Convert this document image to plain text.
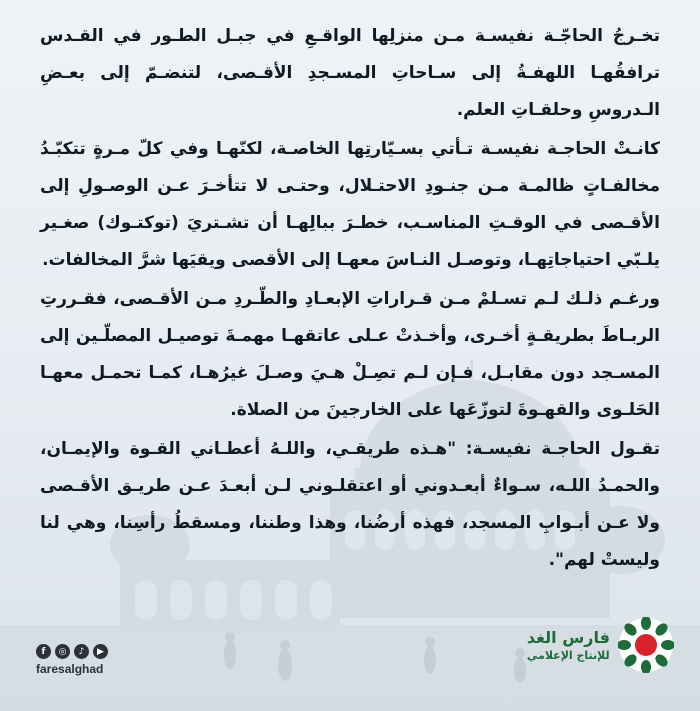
تخـرجُ الحاجّـة نفيسـة مـن منزلِها الواقـعِ في جبـل الطـور في القـدس ترافقُهـا اللهفـةُ إلى سـاحاتِ المسـجدِ الأقـصى، لتنضـمّ إلى بعـضِ الـدروسِ وحلقـاتِ العلم.

كانـتْ الحاجـة نفيسـة تـأتي بسـيّارتِها الخاصـة، لكنّهـا وفي كلّ مـرةٍ تتكبّـدُ مخالفـاتٍ ظالمـة مـن جنـودِ الاحتـلال، وحتـى لا تتأخـرَ عـن الوصـولِ إلى الأقـصى في الوقـتِ المناسـب، خطـرَ ببالِهـا أن تشـتريَ (توكتـوك) صغـير يلـبّي احتياجاتِهـا، وتوصـل النـاسَ معهـا إلى الأقصى ويقيَها شرَّ المخالفات.

ورغـم ذلـك لـم تسـلمْ مـن قـراراتِ الإبعـادِ والطّـردِ مـن الأقـصى، فقـررتِ الربـاطَ بطريقـةٍ أخـرى، وأخـذتْ عـلى عاتقهـا مهمـةَ توصيـل المصلّـين إلى المسـجد دون مقابـل، فـإن لـم تصِـلْ هـيَ وصـلَ غيرُهـا، كمـا تحمـل معهـا الحَلـوى والقهـوةَ لتوزّعَها على الخارجينَ من الصلاة.

تقـول الحاجـة نفيسـة: "هـذه طريقـي، واللـهُ أعطـاني القـوة والإيمـان، والحمـدُ اللـه، سـواءٌ أبعـدوني أو اعتقلـوني لـن أبعـدَ عـن طريـق الأقـصى ولا عـن أبـوابِ المسجد، فهذه أرضُنا، وهذا وطننا، ومسقطُ رأسِنا، وهي لنا وليستْ لهم".

f	◎	♪	▶
faresalghad
فارس الغد
للإنتاج الإعلامي
